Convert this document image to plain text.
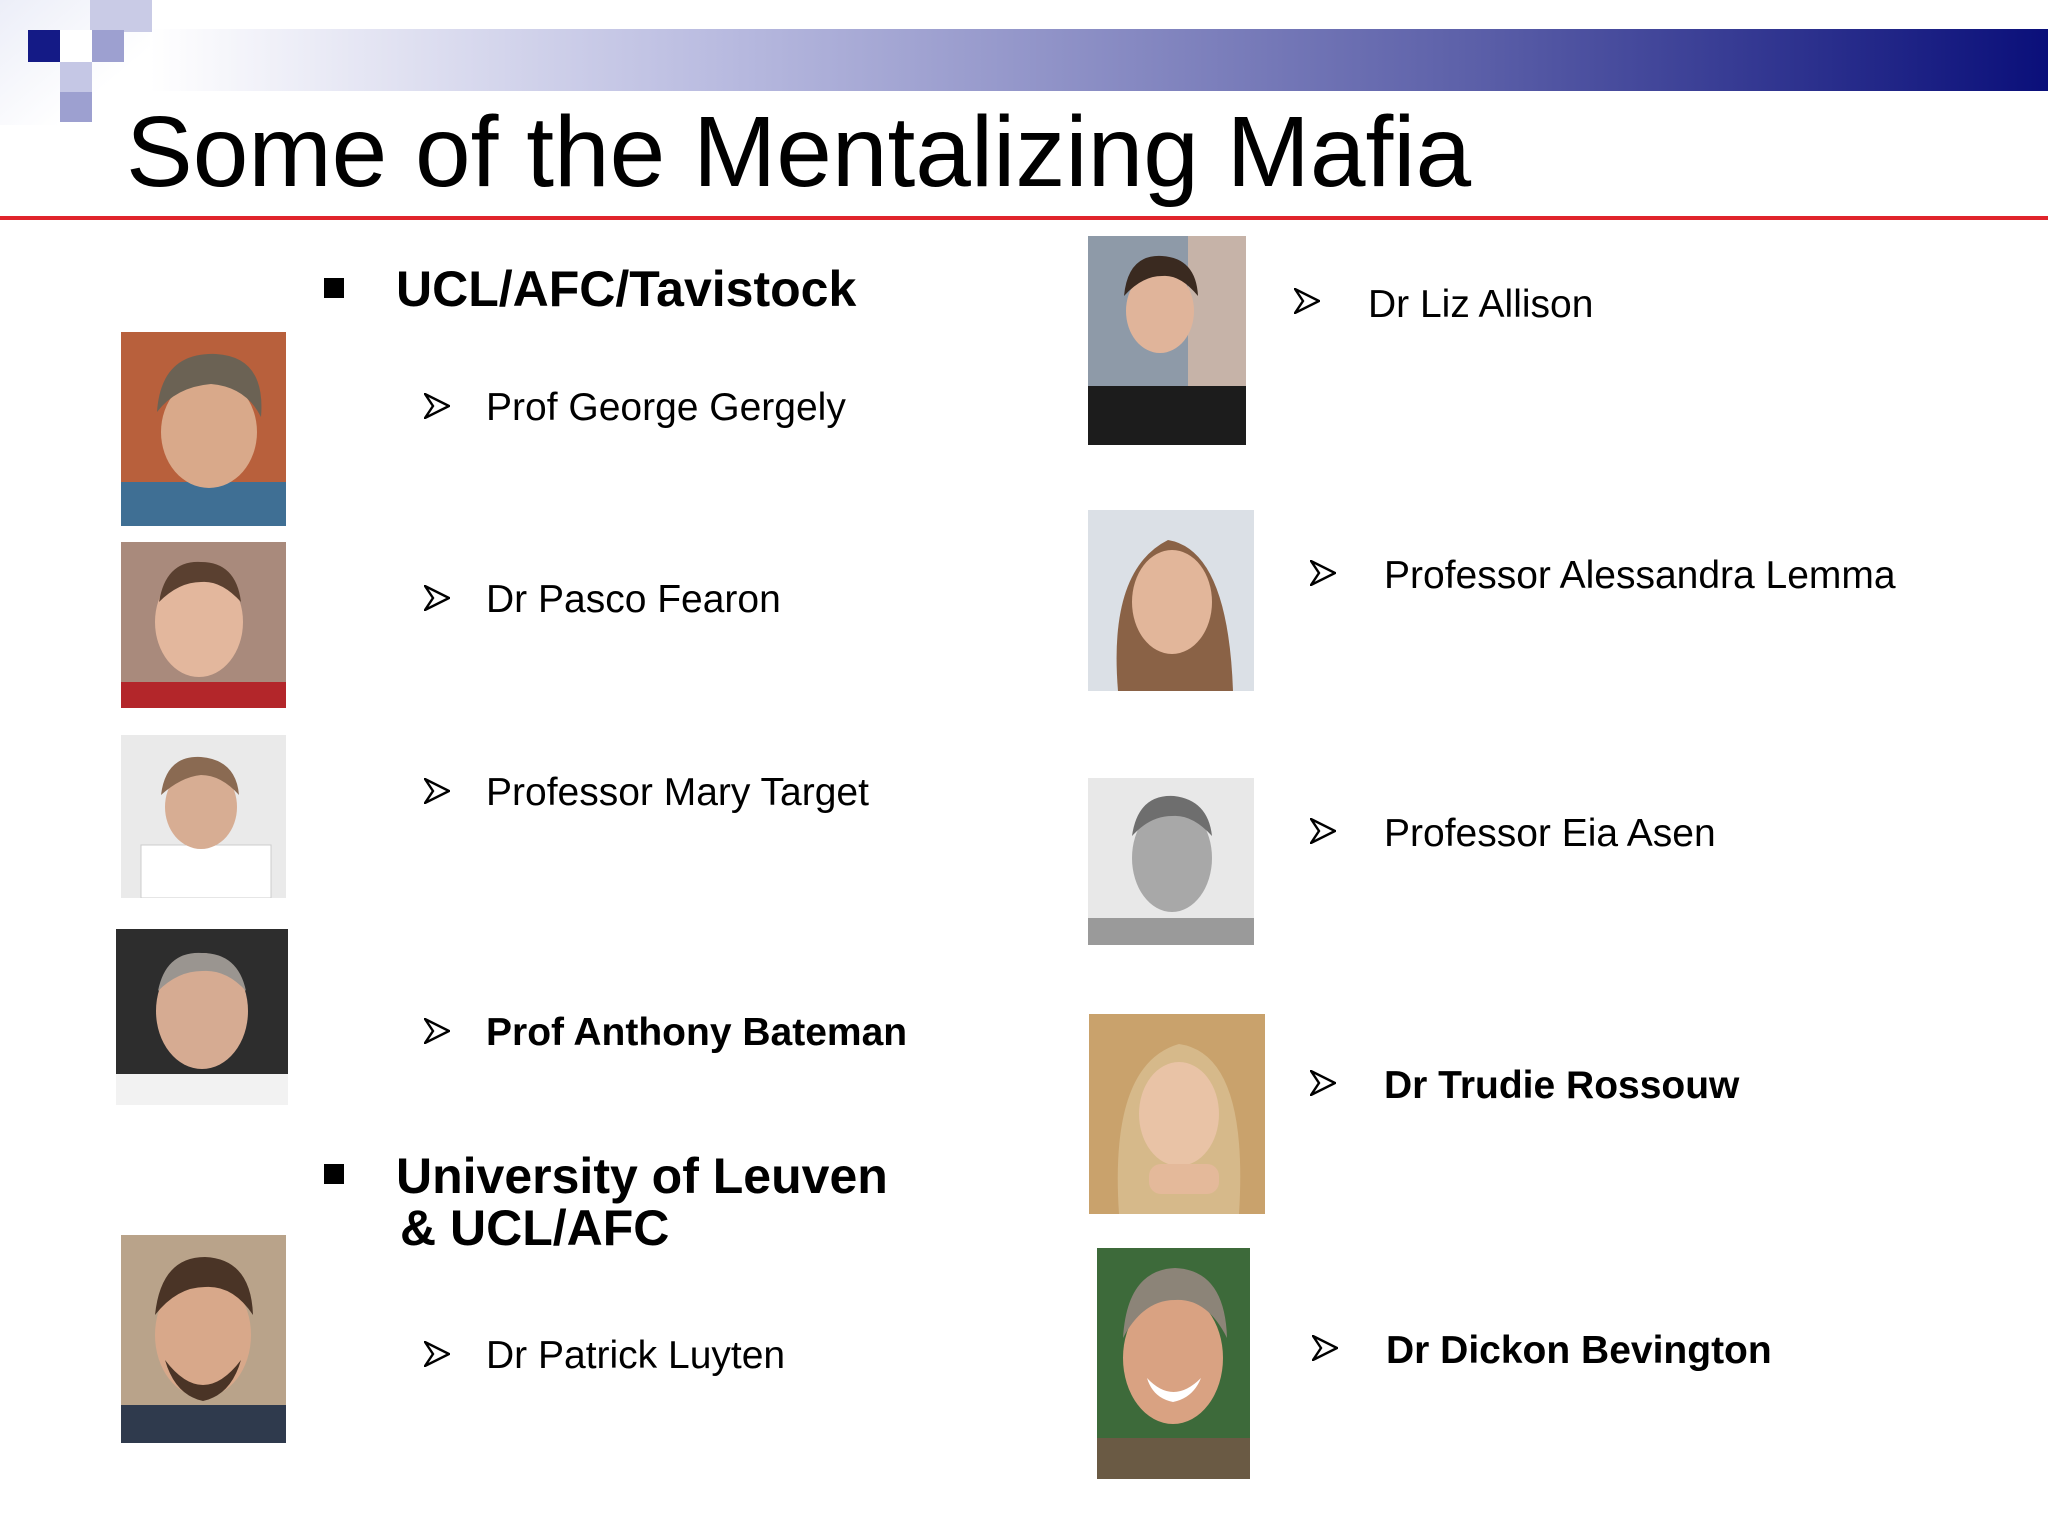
Some of the Mentalizing Mafia
UCL/AFC/Tavistock
University of Leuven
& UCL/AFC
Prof George Gergely
Dr Pasco Fearon
Professor Mary Target
Prof Anthony Bateman
Dr Patrick Luyten
Dr Liz Allison
Professor Alessandra Lemma
Professor Eia Asen
Dr Trudie Rossouw
Dr Dickon Bevington
